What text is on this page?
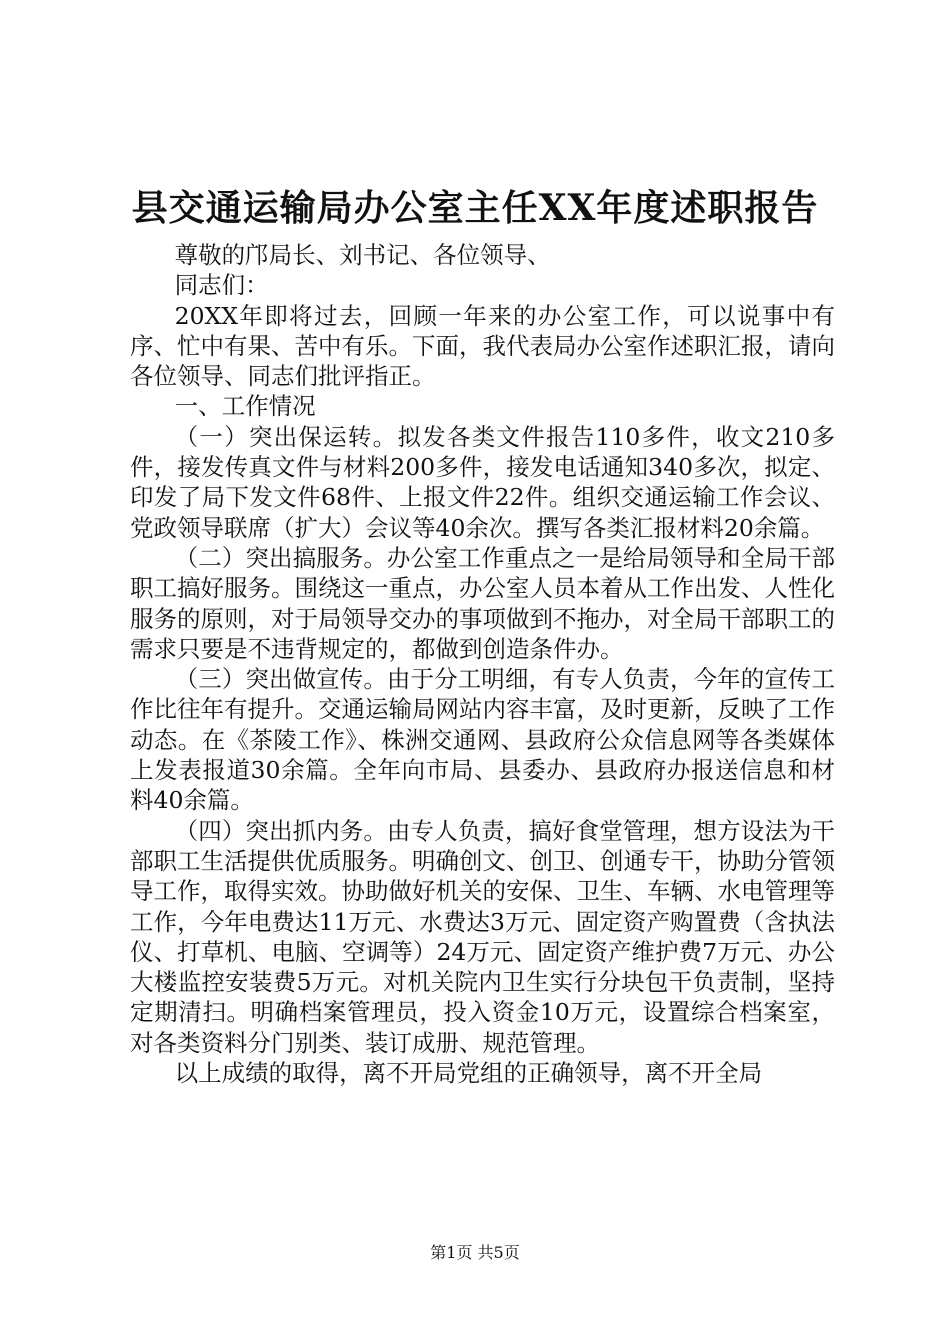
县交通运输局办公室主任XX年度述职报告

尊敬的邝局长、刘书记、各位领导、

同志们：

20XX年即将过去，回顾一年来的办公室工作，可以说事中有序、忙中有果、苦中有乐。下面，我代表局办公室作述职汇报，请向各位领导、同志们批评指正。

一、工作情况

（一）突出保运转。拟发各类文件报告110多件，收文210多件，接发传真文件与材料200多件，接发电话通知340多次，拟定、印发了局下发文件68件、上报文件22件。组织交通运输工作会议、党政领导联席（扩大）会议等40余次。撰写各类汇报材料20余篇。

（二）突出搞服务。办公室工作重点之一是给局领导和全局干部职工搞好服务。围绕这一重点，办公室人员本着从工作出发、人性化服务的原则，对于局领导交办的事项做到不拖办，对全局干部职工的需求只要是不违背规定的，都做到创造条件办。

（三）突出做宣传。由于分工明细，有专人负责，今年的宣传工作比往年有提升。交通运输局网站内容丰富，及时更新，反映了工作动态。在《茶陵工作》、株洲交通网、县政府公众信息网等各类媒体上发表报道30余篇。全年向市局、县委办、县政府办报送信息和材料40余篇。

（四）突出抓内务。由专人负责，搞好食堂管理，想方设法为干部职工生活提供优质服务。明确创文、创卫、创通专干，协助分管领导工作，取得实效。协助做好机关的安保、卫生、车辆、水电管理等工作，今年电费达11万元、水费达3万元、固定资产购置费（含执法仪、打草机、电脑、空调等）24万元、固定资产维护费7万元、办公大楼监控安装费5万元。对机关院内卫生实行分块包干负责制，坚持定期清扫。明确档案管理员，投入资金10万元，设置综合档案室，对各类资料分门别类、装订成册、规范管理。

以上成绩的取得，离不开局党组的正确领导，离不开全局

第1页 共5页
